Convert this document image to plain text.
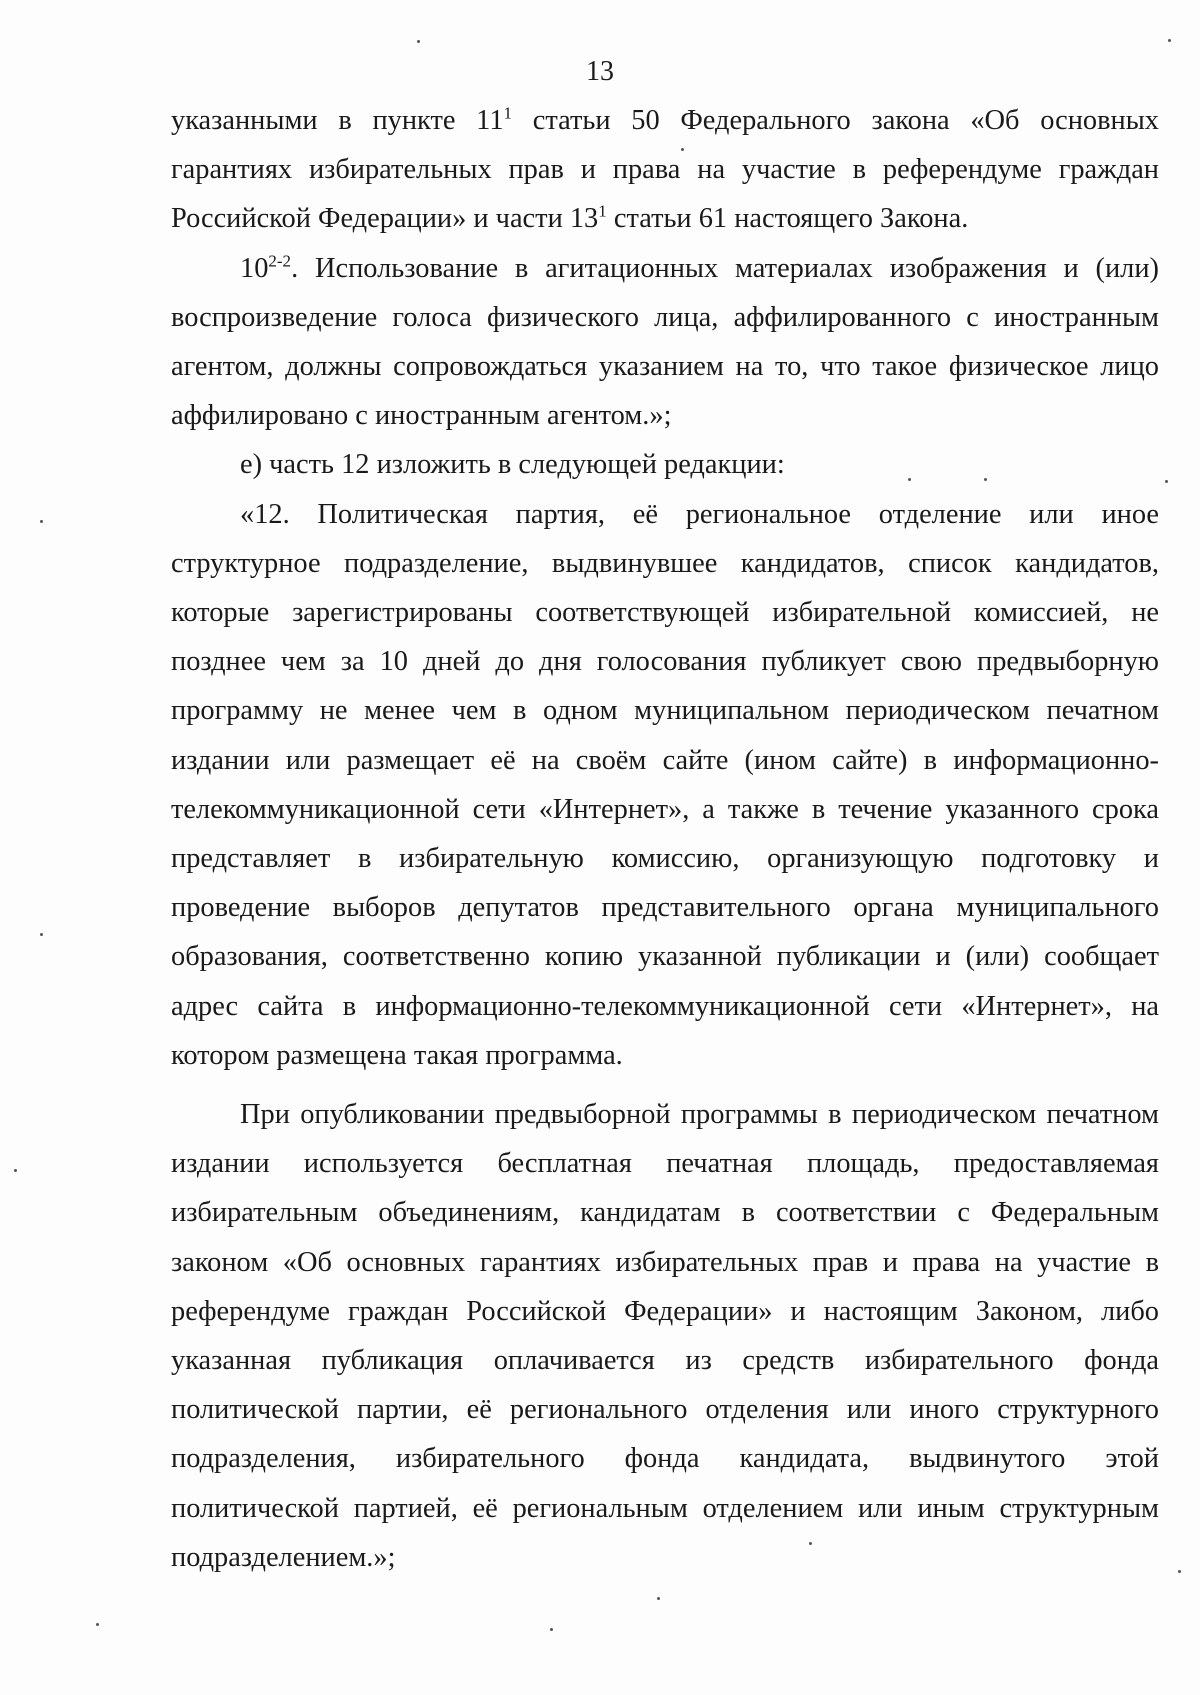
13

указанными в пункте $11^1$ статьи 50 Федерального закона «Об основных гарантиях избирательных прав и права на участие в референдуме граждан Российской Федерации» и части $13^1$ статьи 61 настоящего Закона.

10$^{2-2}$. Использование в агитационных материалах изображения и (или) воспроизведение голоса физического лица, аффилированного с иностранным агентом, должны сопровождаться указанием на то, что такое физическое лицо аффилировано с иностранным агентом.»;

е) часть 12 изложить в следующей редакции:

«12. Политическая партия, её региональное отделение или иное структурное подразделение, выдвинувшее кандидатов, список кандидатов, которые зарегистрированы соответствующей избирательной комиссией, не позднее чем за 10 дней до дня голосования публикует свою предвыборную программу не менее чем в одном муниципальном периодическом печатном издании или размещает её на своём сайте (ином сайте) в информационно-телекоммуникационной сети «Интернет», а также в течение указанного срока представляет в избирательную комиссию, организующую подготовку и проведение выборов депутатов представительного органа муниципального образования, соответственно копию указанной публикации и (или) сообщает адрес сайта в информационно-телекоммуникационной сети «Интернет», на котором размещена такая программа.

При опубликовании предвыборной программы в периодическом печатном издании используется бесплатная печатная площадь, предоставляемая избирательным объединениям, кандидатам в соответствии с Федеральным законом «Об основных гарантиях избирательных прав и права на участие в референдуме граждан Российской Федерации» и настоящим Законом, либо указанная публикация оплачивается из средств избирательного фонда политической партии, её регионального отделения или иного структурного подразделения, избирательного фонда кандидата, выдвинутого этой политической партией, её региональным отделением или иным структурным подразделением.»;
